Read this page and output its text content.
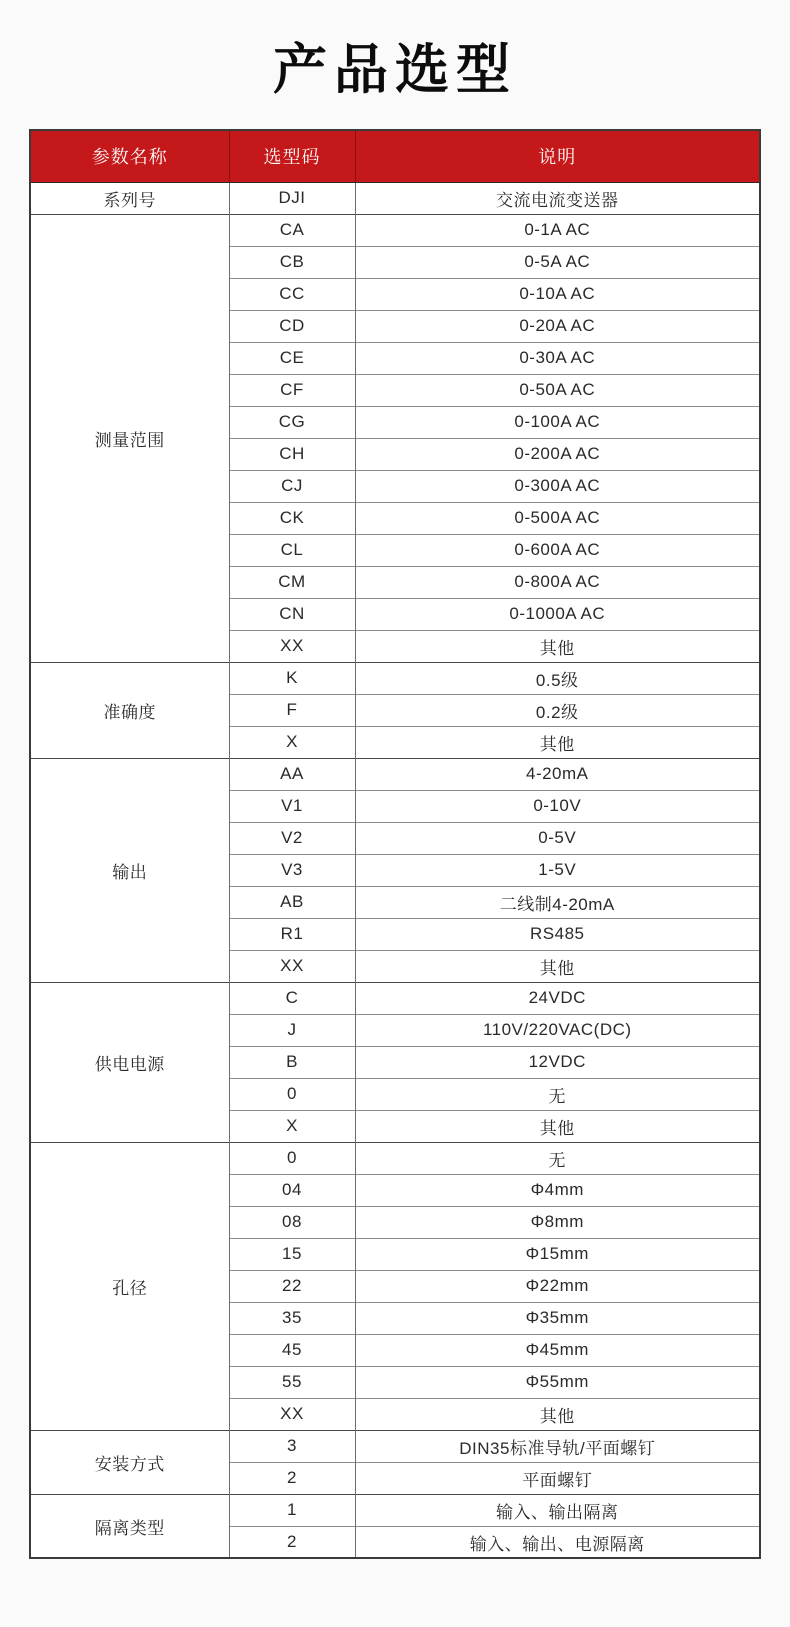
产品选型
参数名称	选型码	说明
系列号	DJI	交流电流变送器
测量范围	CA	0-1A AC
	CB	0-5A AC
	CC	0-10A AC
	CD	0-20A AC
	CE	0-30A AC
	CF	0-50A AC
	CG	0-100A AC
	CH	0-200A AC
	CJ	0-300A AC
	CK	0-500A AC
	CL	0-600A AC
	CM	0-800A AC
	CN	0-1000A AC
	XX	其他
准确度	K	0.5级
	F	0.2级
	X	其他
输出	AA	4-20mA
	V1	0-10V
	V2	0-5V
	V3	1-5V
	AB	二线制4-20mA
	R1	RS485
	XX	其他
供电电源	C	24VDC
	J	110V/220VAC(DC)
	B	12VDC
	0	无
	X	其他
孔径	0	无
	04	Φ4mm
	08	Φ8mm
	15	Φ15mm
	22	Φ22mm
	35	Φ35mm
	45	Φ45mm
	55	Φ55mm
	XX	其他
安装方式	3	DIN35标准导轨/平面螺钉
	2	平面螺钉
隔离类型	1	输入、输出隔离
	2	输入、输出、电源隔离
